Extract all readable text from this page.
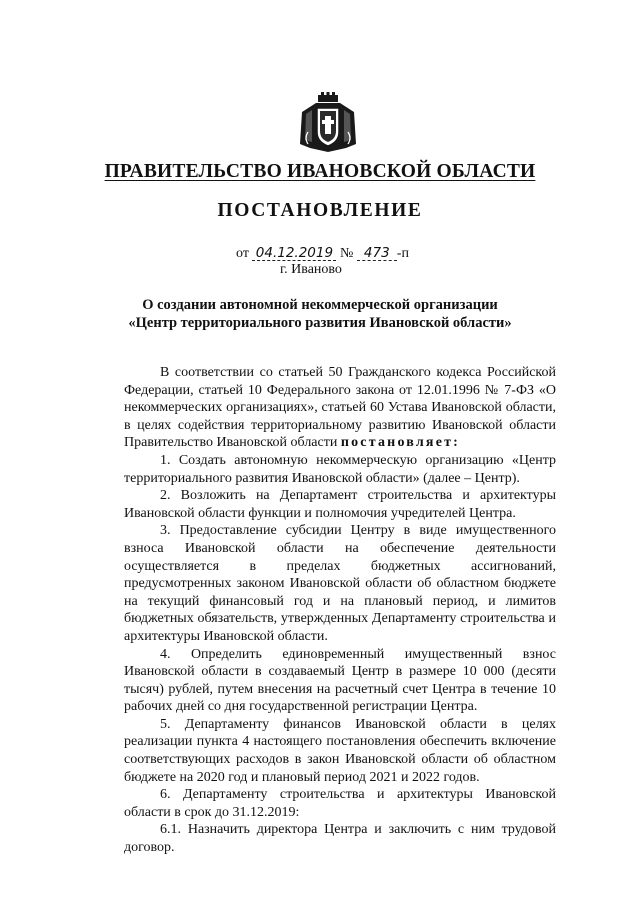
ПРАВИТЕЛЬСТВО ИВАНОВСКОЙ ОБЛАСТИ
ПОСТАНОВЛЕНИЕ
от 04.12.2019 № 473 -п
г. Иваново
О создании автономной некоммерческой организации
«Центр территориального развития Ивановской области»

В соответствии со статьей 50 Гражданского кодекса Российской Федерации, статьей 10 Федерального закона от 12.01.1996 № 7-ФЗ «О некоммерческих организациях», статьей 60 Устава Ивановской области, в целях содействия территориальному развитию Ивановской области Правительство Ивановской области постановляет:

1. Создать автономную некоммерческую организацию «Центр территориального развития Ивановской области» (далее – Центр).

2. Возложить на Департамент строительства и архитектуры Ивановской области функции и полномочия учредителей Центра.

3. Предоставление субсидии Центру в виде имущественного взноса Ивановской области на обеспечение деятельности осуществляется в пределах бюджетных ассигнований, предусмотренных законом Ивановской области об областном бюджете на текущий финансовый год и на плановый период, и лимитов бюджетных обязательств, утвержденных Департаменту строительства и архитектуры Ивановской области.

4. Определить единовременный имущественный взнос Ивановской области в создаваемый Центр в размере 10 000 (десяти тысяч) рублей, путем внесения на расчетный счет Центра в течение 10 рабочих дней со дня государственной регистрации Центра.

5. Департаменту финансов Ивановской области в целях реализации пункта 4 настоящего постановления обеспечить включение соответствующих расходов в закон Ивановской области об областном бюджете на 2020 год и плановый период 2021 и 2022 годов.

6. Департаменту строительства и архитектуры Ивановской области в срок до 31.12.2019:

6.1. Назначить директора Центра и заключить с ним трудовой договор.
